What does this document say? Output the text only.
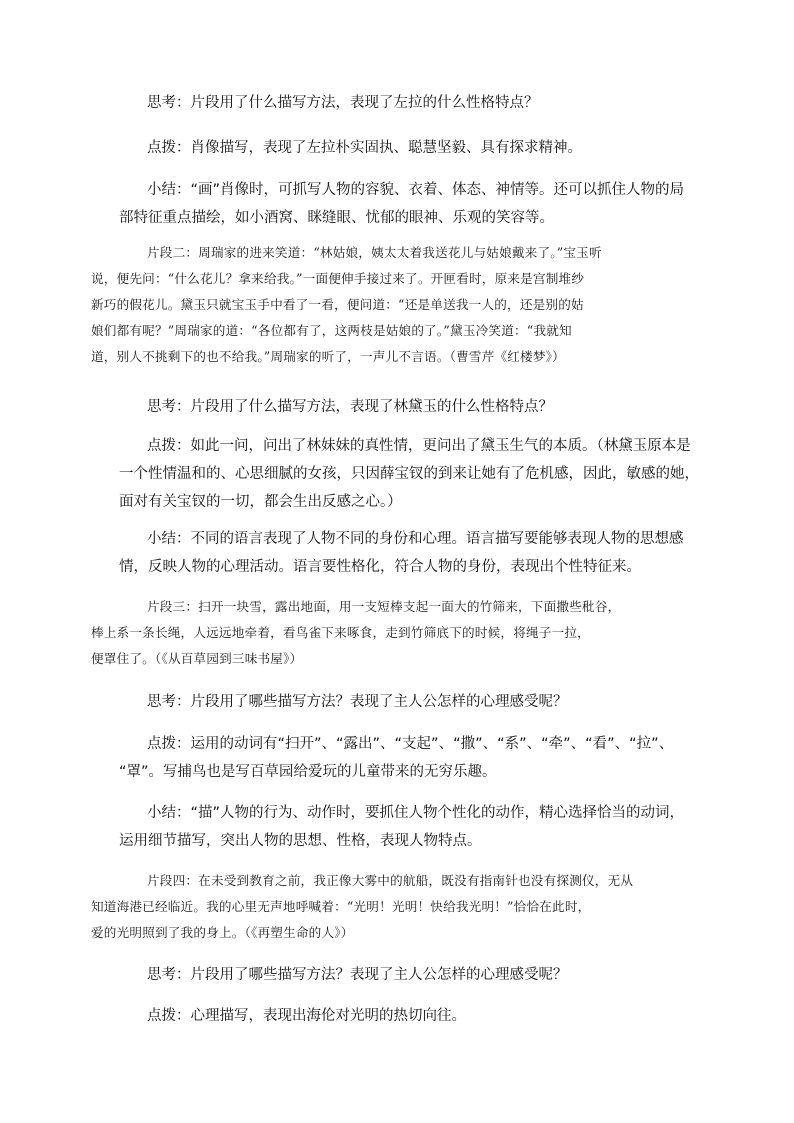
思考：片段用了什么描写方法，表现了左拉的什么性格特点？

点拨：肖像描写，表现了左拉朴实固执、聪慧坚毅、具有探求精神。

小结：“画”肖像时，可抓写人物的容貌、衣着、体态、神情等。还可以抓住人物的局
部特征重点描绘，如小酒窝、眯缝眼、忧郁的眼神、乐观的笑容等。
片段二：周瑞家的进来笑道：“林姑娘，姨太太着我送花儿与姑娘戴来了。”宝玉听
说，便先问：“什么花儿？拿来给我。”一面便伸手接过来了。开匣看时，原来是宫制堆纱
新巧的假花儿。黛玉只就宝玉手中看了一看，便问道：“还是单送我一人的，还是别的姑
娘们都有呢？”周瑞家的道：“各位都有了，这两枝是姑娘的了。”黛玉冷笑道：“我就知
道，别人不挑剩下的也不给我。”周瑞家的听了，一声儿不言语。（曹雪芹《红楼梦》）

思考：片段用了什么描写方法，表现了林黛玉的什么性格特点？

点拨：如此一问，问出了林妹妹的真性情，更问出了黛玉生气的本质。（林黛玉原本是
一个性情温和的、心思细腻的女孩，只因薛宝钗的到来让她有了危机感，因此，敏感的她，
面对有关宝钗的一切，都会生出反感之心。）
小结：不同的语言表现了人物不同的身份和心理。语言描写要能够表现人物的思想感
情，反映人物的心理活动。语言要性格化，符合人物的身份，表现出个性特征来。
片段三：扫开一块雪，露出地面，用一支短棒支起一面大的竹筛来，下面撒些秕谷，
棒上系一条长绳，人远远地牵着，看鸟雀下来啄食，走到竹筛底下的时候，将绳子一拉，
便罩住了。（《从百草园到三味书屋》）

思考：片段用了哪些描写方法？表现了主人公怎样的心理感受呢？

点拨：运用的动词有“扫开”、“露出”、“支起”、“撒”、“系”、“牵”、“看”、“拉”、
“罩”。写捕鸟也是写百草园给爱玩的儿童带来的无穷乐趣。
小结：“描”人物的行为、动作时，要抓住人物个性化的动作，精心选择恰当的动词，
运用细节描写，突出人物的思想、性格，表现人物特点。
片段四：在未受到教育之前，我正像大雾中的航船，既没有指南针也没有探测仪，无从
知道海港已经临近。我的心里无声地呼喊着：“光明！光明！快给我光明！”恰恰在此时，
爱的光明照到了我的身上。（《再塑生命的人》）

思考：片段用了哪些描写方法？表现了主人公怎样的心理感受呢？

点拨：心理描写，表现出海伦对光明的热切向往。
